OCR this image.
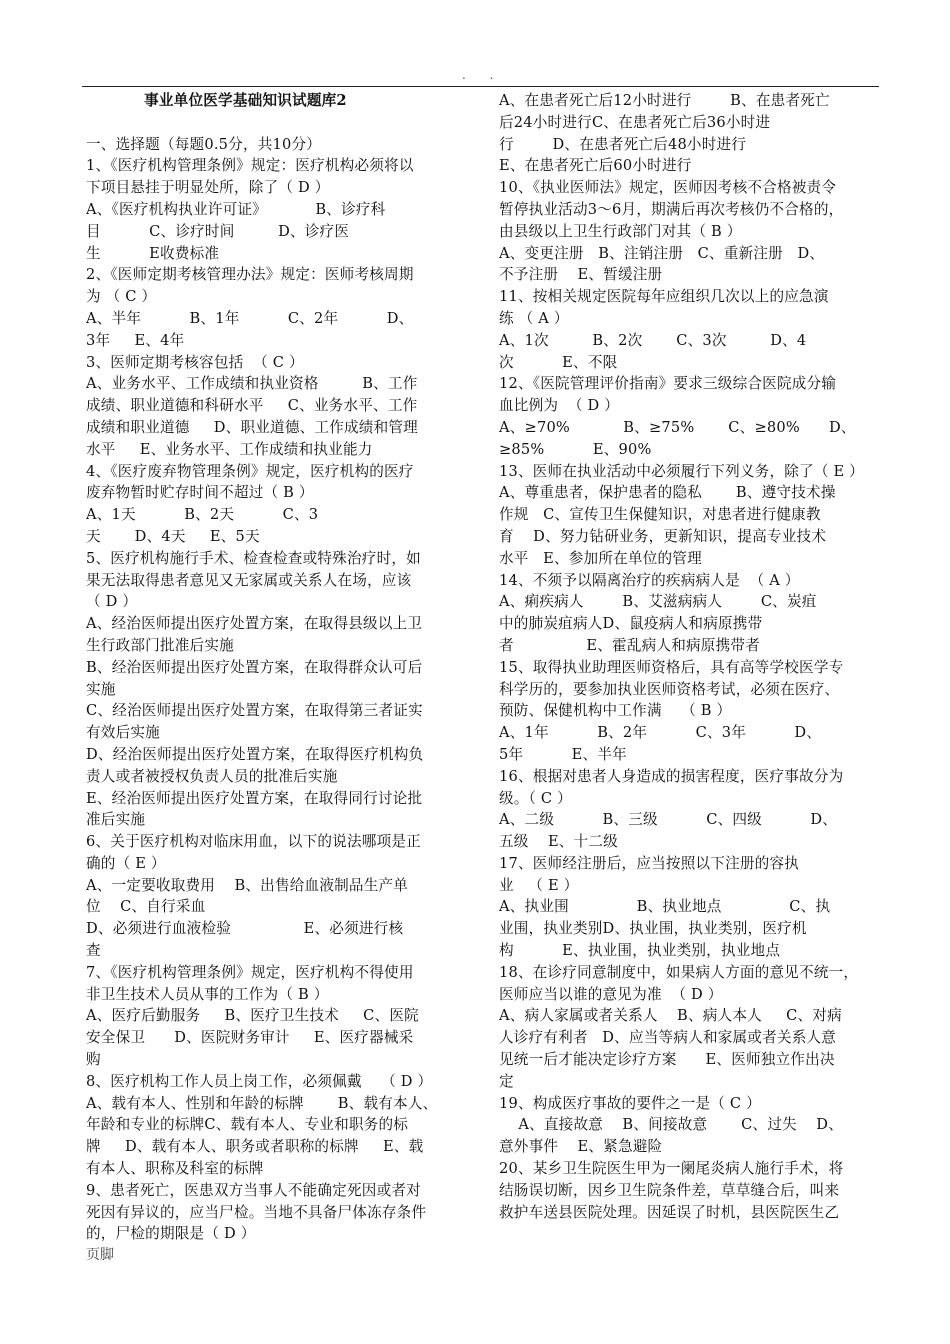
. .
事业单位医学基础知识试题库2
一、选择题（每题0.5分，共10分）
1、《医疗机构管理条例》规定：医疗机构必须将以
下项目悬挂于明显处所，除了（ D ）
A、《医疗机构执业许可证》          B、诊疗科
目          C、诊疗时间         D、诊疗医
生          E收费标准
2、《医师定期考核管理办法》规定：医师考核周期
为 （ C ）
A、半年          B、1年          C、2年          D、
3年     E、4年
3、医师定期考核容包括  （ C ）
A、业务水平、工作成绩和执业资格         B、工作
成绩、职业道德和科研水平     C、业务水平、工作
成绩和职业道德     D、职业道德、工作成绩和管理
水平     E、业务水平、工作成绩和执业能力
4、《医疗废弃物管理条例》规定，医疗机构的医疗
废弃物暂时贮存时间不超过（ B ）
A、1天          B、2天          C、3
天       D、4天     E、5天
5、医疗机构施行手术、检查检查或特殊治疗时，如
果无法取得患者意见又无家属或关系人在场，应该
（ D ）
A、经治医师提出医疗处置方案，在取得县级以上卫
生行政部门批准后实施
B、经治医师提出医疗处置方案，在取得群众认可后
实施
C、经治医师提出医疗处置方案，在取得第三者证实
有效后实施
D、经治医师提出医疗处置方案，在取得医疗机构负
责人或者被授权负责人员的批准后实施
E、经治医师提出医疗处置方案，在取得同行讨论批
准后实施
6、关于医疗机构对临床用血，以下的说法哪项是正
确的（ E ）
A、一定要收取费用    B、出售给血液制品生产单
位    C、自行采血
D、必须进行血液检验               E、必须进行核
查
7、《医疗机构管理条例》规定，医疗机构不得使用
非卫生技术人员从事的工作为（ B ）
A、医疗后勤服务     B、医疗卫生技术     C、医院
安全保卫      D、医院财务审计     E、医疗器械采
购
8、医疗机构工作人员上岗工作，必须佩戴    （ D ）
A、载有本人、性别和年龄的标牌       B、载有本人、
年龄和专业的标牌C、载有本人、专业和职务的标
牌     D、载有本人、职务或者职称的标牌     E、载
有本人、职称及科室的标牌
9、患者死亡，医患双方当事人不能确定死因或者对
死因有异议的，应当尸检。当地不具备尸体冻存条件
的，尸检的期限是（ D ）
A、在患者死亡后12小时进行        B、在患者死亡
后24小时进行C、在患者死亡后36小时进
行        D、在患者死亡后48小时进行
E、在患者死亡后60小时进行
10、《执业医师法》规定，医师因考核不合格被责令
暂停执业活动3～6月，期满后再次考核仍不合格的，
由县级以上卫生行政部门对其（ B ）
A、变更注册   B、注销注册   C、重新注册   D、
不予注册    E、暂缓注册
11、按相关规定医院每年应组织几次以上的应急演
练 （ A ）
A、1次         B、2次       C、3次         D、4
次          E、不限
12、《医院管理评价指南》要求三级综合医院成分输
血比例为  （ D ）
A、≥70%           B、≥75%       C、≥80%      D、
≥85%          E、90%
13、医师在执业活动中必须履行下列义务，除了（ E ）
A、尊重患者，保护患者的隐私       B、遵守技术操
作规   C、宣传卫生保健知识，对患者进行健康教
育    D、努力钻研业务，更新知识，提高专业技术
水平   E、参加所在单位的管理
14、不须予以隔离治疗的疾病病人是  （ A ）
A、痢疾病人        B、艾滋病病人        C、炭疽
中的肺炭疽病人D、鼠疫病人和病原携带
者               E、霍乱病人和病原携带者
15、取得执业助理医师资格后，具有高等学校医学专
科学历的，要参加执业医师资格考试，必须在医疗、
预防、保健机构中工作满    （ B ）
A、1年          B、2年          C、3年          D、
5年          E、半年
16、根据对患者人身造成的损害程度，医疗事故分为
级。（ C ）
A、二级          B、三级          C、四级          D、
五级    E、十二级
17、医师经注册后，应当按照以下注册的容执
业   （ E ）
A、执业围              B、执业地点              C、执
业围，执业类别D、执业围，执业类别，医疗机
构          E、执业围，执业类别，执业地点
18、在诊疗同意制度中，如果病人方面的意见不统一，
医师应当以谁的意见为准  （ D ）
A、病人家属或者关系人    B、病人本人     C、对病
人诊疗有利者   D、应当等病人和家属或者关系人意
见统一后才能决定诊疗方案      E、医师独立作出决
定
19、构成医疗事故的要件之一是（ C ）
A、直接故意    B、间接故意       C、过失    D、
意外事件    E、紧急避险
20、某乡卫生院医生甲为一阑尾炎病人施行手术，将
结肠误切断，因乡卫生院条件差，草草缝合后，叫来
救护车送县医院处理。因延误了时机，县医院医生乙
页脚
